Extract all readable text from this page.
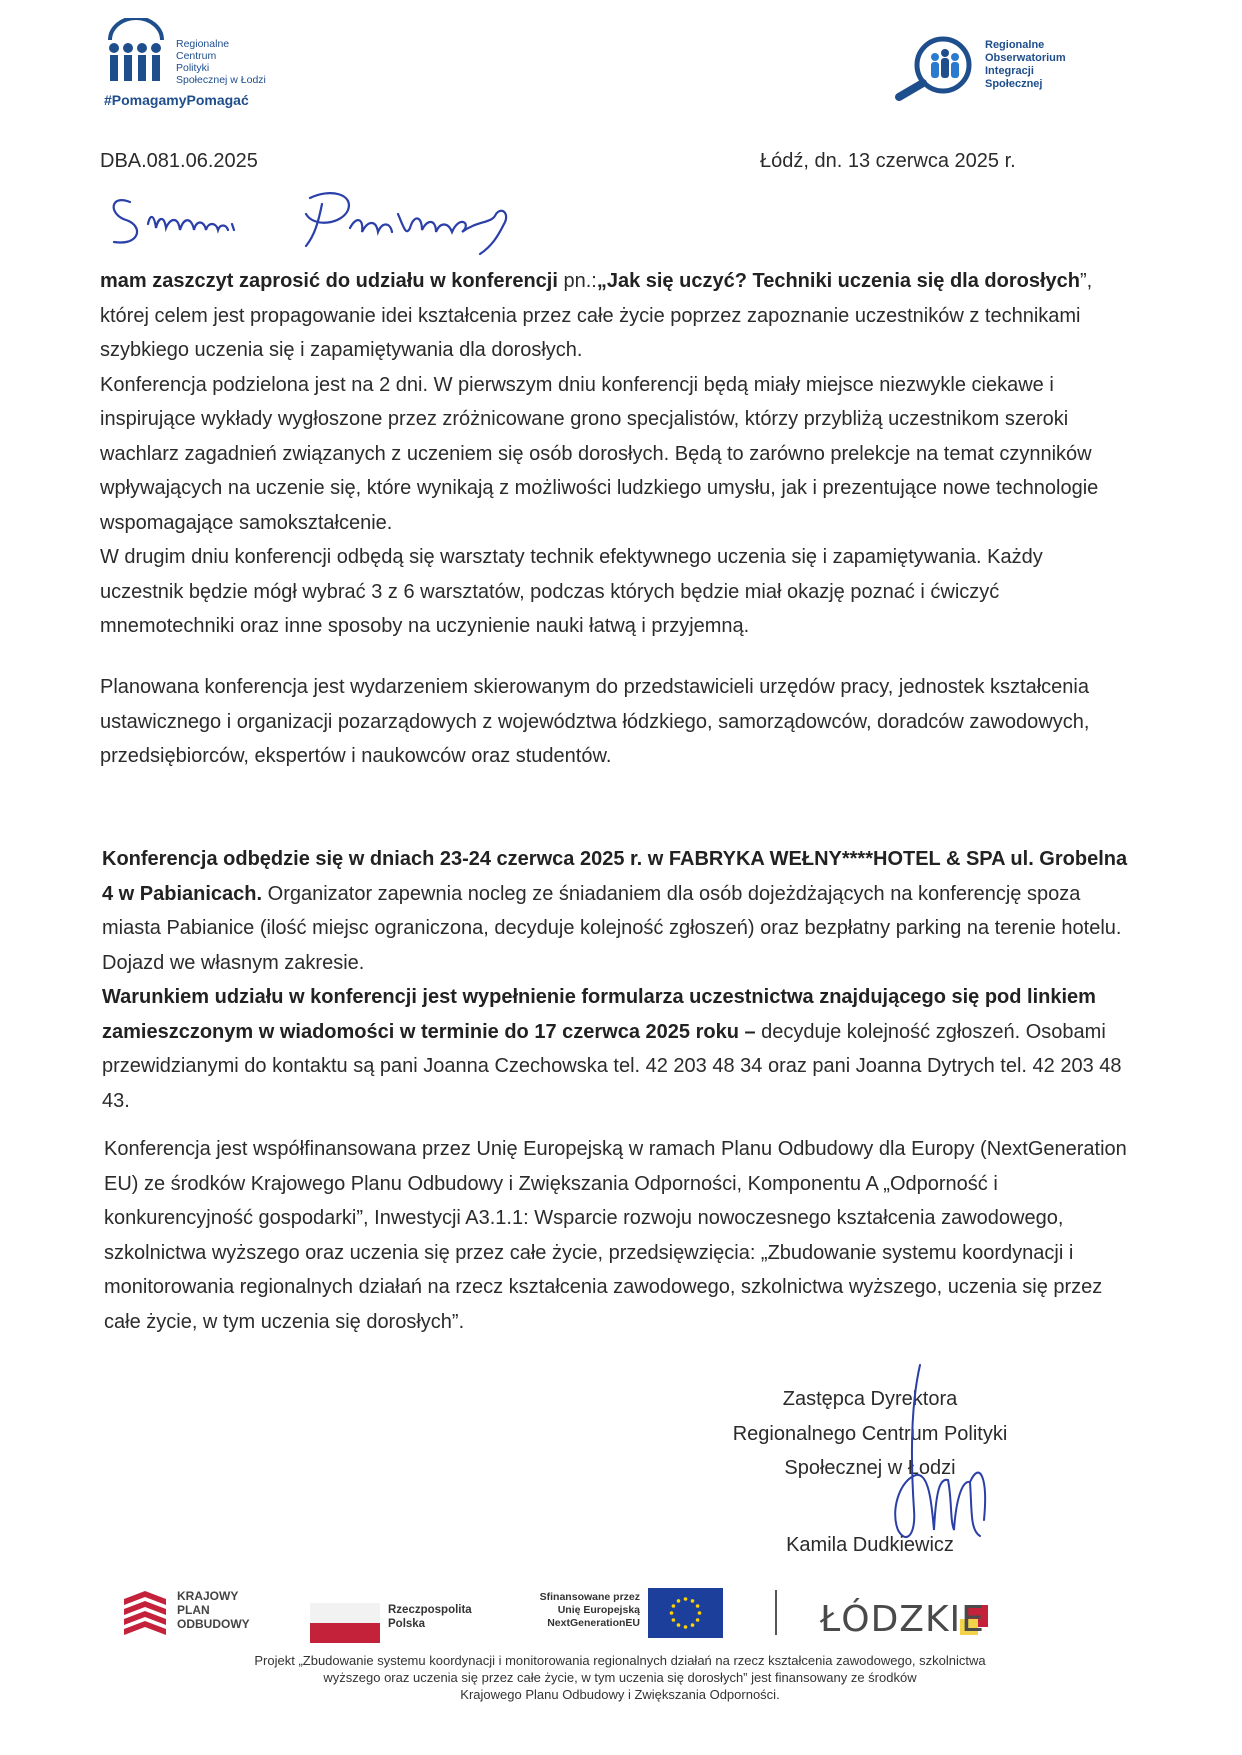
Regionalne
Centrum
Polityki
Społecznej w Łodzi
#PomagamyPomagać
Regionalne
Obserwatorium
Integracji
Społecznej
DBA.081.06.2025	Łódź, dn. 13 czerwca 2025 r.

mam zaszczyt zaprosić do udziału w konferencji pn.:„Jak się uczyć? Techniki uczenia się dla dorosłych”, której celem jest propagowanie idei kształcenia przez całe życie poprzez zapoznanie uczestników z technikami szybkiego uczenia się i zapamiętywania dla dorosłych.

Konferencja podzielona jest na 2 dni. W pierwszym dniu konferencji będą miały miejsce niezwykle ciekawe i inspirujące wykłady wygłoszone przez zróżnicowane grono specjalistów, którzy przybliżą uczestnikom szeroki wachlarz zagadnień związanych z uczeniem się osób dorosłych. Będą to zarówno prelekcje na temat czynników wpływających na uczenie się, które wynikają z możliwości ludzkiego umysłu, jak i prezentujące nowe technologie wspomagające samokształcenie.

W drugim dniu konferencji odbędą się warsztaty technik efektywnego uczenia się i zapamiętywania. Każdy uczestnik będzie mógł wybrać 3 z 6 warsztatów, podczas których będzie miał okazję poznać i ćwiczyć mnemotechniki oraz inne sposoby na uczynienie nauki łatwą i przyjemną.

Planowana konferencja jest wydarzeniem skierowanym do przedstawicieli urzędów pracy, jednostek kształcenia ustawicznego i organizacji pozarządowych z województwa łódzkiego, samorządowców, doradców zawodowych, przedsiębiorców, ekspertów i naukowców oraz studentów.

Konferencja odbędzie się w dniach 23-24 czerwca 2025 r. w FABRYKA WEŁNY****HOTEL & SPA ul. Grobelna 4 w Pabianicach. Organizator zapewnia nocleg ze śniadaniem dla osób dojeżdżających na konferencję spoza miasta Pabianice (ilość miejsc ograniczona, decyduje kolejność zgłoszeń) oraz bezpłatny parking na terenie hotelu. Dojazd we własnym zakresie.

Warunkiem udziału w konferencji jest wypełnienie formularza uczestnictwa znajdującego się pod linkiem zamieszczonym w wiadomości w terminie do 17 czerwca 2025 roku – decyduje kolejność zgłoszeń. Osobami przewidzianymi do kontaktu są pani Joanna Czechowska tel. 42 203 48 34 oraz pani Joanna Dytrych tel. 42 203 48 43.

Konferencja jest współfinansowana przez Unię Europejską w ramach Planu Odbudowy dla Europy (NextGeneration EU) ze środków Krajowego Planu Odbudowy i Zwiększania Odporności, Komponentu A „Odporność i konkurencyjność gospodarki”, Inwestycji A3.1.1: Wsparcie rozwoju nowoczesnego kształcenia zawodowego, szkolnictwa wyższego oraz uczenia się przez całe życie, przedsięwzięcia: „Zbudowanie systemu koordynacji i monitorowania regionalnych działań na rzecz kształcenia zawodowego, szkolnictwa wyższego, uczenia się przez całe życie, w tym uczenia się dorosłych”.

Zastępca Dyrektora
Regionalnego Centrum Polityki
Społecznej w Łodzi
Kamila Dudkiewicz
KRAJOWY
PLAN
ODBUDOWY
Rzeczpospolita
Polska
Sfinansowane przez
Unię Europejską
NextGenerationEU	ŁÓDZKIE
Projekt „Zbudowanie systemu koordynacji i monitorowania regionalnych działań na rzecz kształcenia zawodowego, szkolnictwa
wyższego oraz uczenia się przez całe życie, w tym uczenia się dorosłych” jest finansowany ze środków
Krajowego Planu Odbudowy i Zwiększania Odporności.
